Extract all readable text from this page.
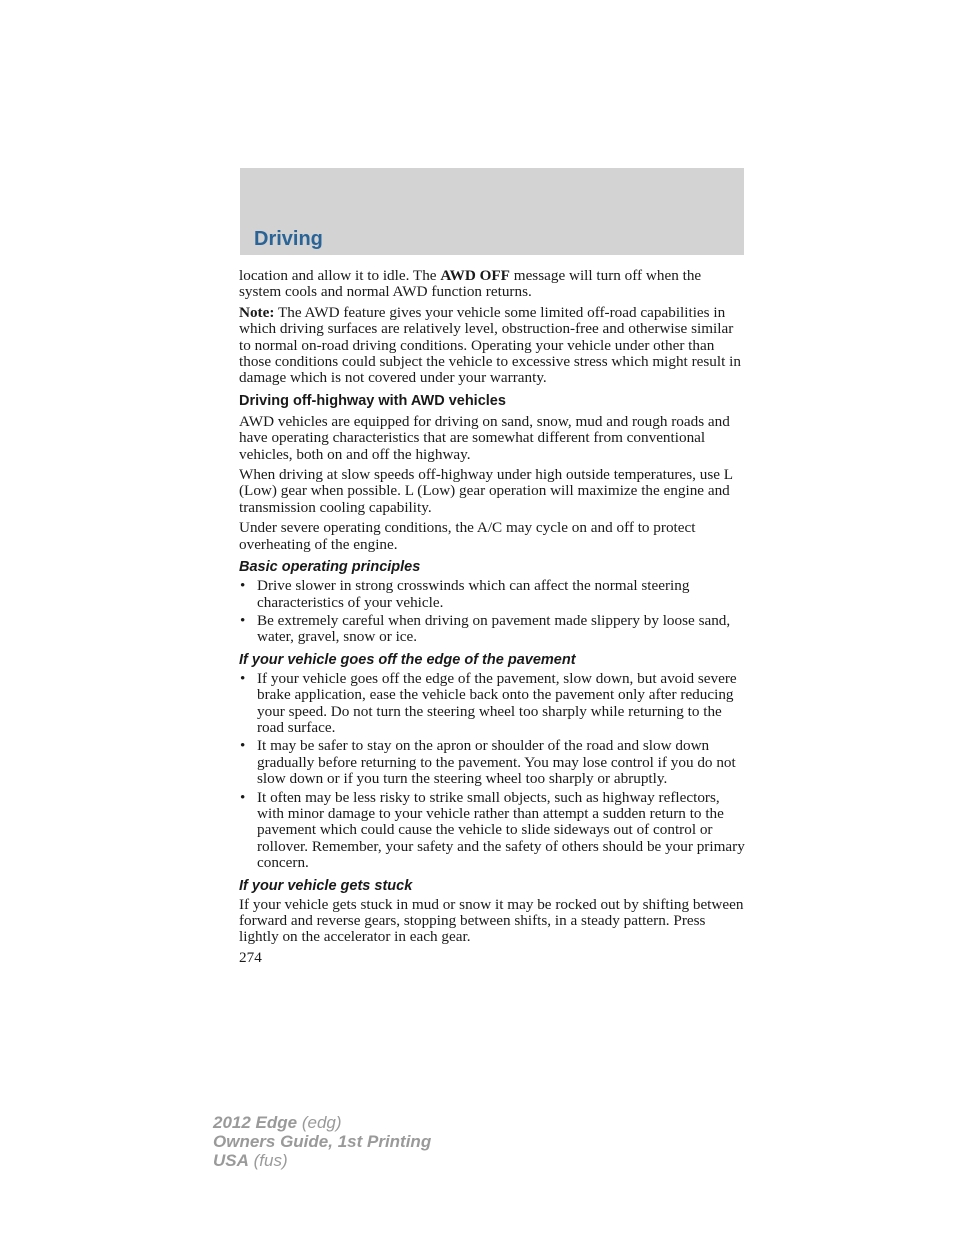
Driving

location and allow it to idle. The AWD OFF message will turn off when the system cools and normal AWD function returns.

Note: The AWD feature gives your vehicle some limited off-road capabilities in which driving surfaces are relatively level, obstruction-free and otherwise similar to normal on-road driving conditions. Operating your vehicle under other than those conditions could subject the vehicle to excessive stress which might result in damage which is not covered under your warranty.

Driving off-highway with AWD vehicles

AWD vehicles are equipped for driving on sand, snow, mud and rough roads and have operating characteristics that are somewhat different from conventional vehicles, both on and off the highway.

When driving at slow speeds off-highway under high outside temperatures, use L (Low) gear when possible. L (Low) gear operation will maximize the engine and transmission cooling capability.

Under severe operating conditions, the A/C may cycle on and off to protect overheating of the engine.

Basic operating principles
• Drive slower in strong crosswinds which can affect the normal steering characteristics of your vehicle.
• Be extremely careful when driving on pavement made slippery by loose sand, water, gravel, snow or ice.
If your vehicle goes off the edge of the pavement
• If your vehicle goes off the edge of the pavement, slow down, but avoid severe brake application, ease the vehicle back onto the pavement only after reducing your speed. Do not turn the steering wheel too sharply while returning to the road surface.
• It may be safer to stay on the apron or shoulder of the road and slow down gradually before returning to the pavement. You may lose control if you do not slow down or if you turn the steering wheel too sharply or abruptly.
• It often may be less risky to strike small objects, such as highway reflectors, with minor damage to your vehicle rather than attempt a sudden return to the pavement which could cause the vehicle to slide sideways out of control or rollover. Remember, your safety and the safety of others should be your primary concern.
If your vehicle gets stuck

If your vehicle gets stuck in mud or snow it may be rocked out by shifting between forward and reverse gears, stopping between shifts, in a steady pattern. Press lightly on the accelerator in each gear.

274
2012 Edge (edg)
Owners Guide, 1st Printing
USA (fus)
